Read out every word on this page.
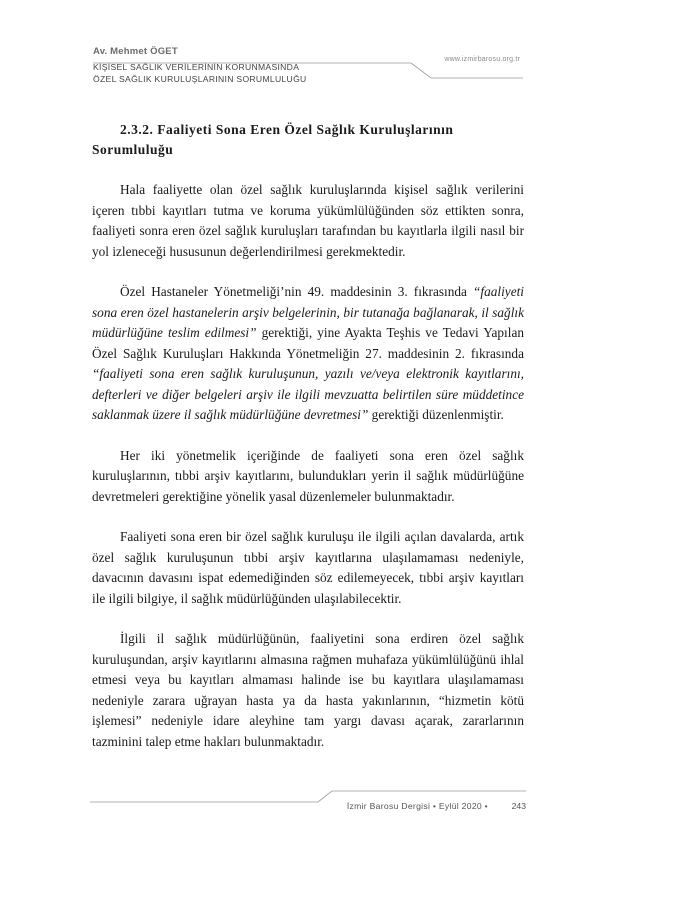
Av. Mehmet ÖGET
KİŞİSEL SAĞLIK VERİLERİNİN KORUNMASINDA
ÖZEL SAĞLIK KURULUŞLARININ SORUMLULUĞU
www.izmirbarosu.org.tr
2.3.2. Faaliyeti Sona Eren Özel Sağlık Kuruluşlarının Sorumluluğu

Hala faaliyette olan özel sağlık kuruluşlarında kişisel sağlık verilerini içeren tıbbi kayıtları tutma ve koruma yükümlülüğünden söz ettikten sonra, faaliyeti sonra eren özel sağlık kuruluşları tarafından bu kayıtlarla ilgili nasıl bir yol izleneceği hususunun değerlendirilmesi gerekmektedir.

Özel Hastaneler Yönetmeliği’nin 49. maddesinin 3. fıkrasında “faaliyeti sona eren özel hastanelerin arşiv belgelerinin, bir tutanağa bağlanarak, il sağlık müdürlüğüne teslim edilmesi” gerektiği, yine Ayakta Teşhis ve Tedavi Yapılan Özel Sağlık Kuruluşları Hakkında Yönetmeliğin 27. maddesinin 2. fıkrasında “faaliyeti sona eren sağlık kuruluşunun, yazılı ve/veya elektronik kayıtlarını, defterleri ve diğer belgeleri arşiv ile ilgili mevzuatta belirtilen süre müddetince saklanmak üzere il sağlık müdürlüğüne devretmesi” gerektiği düzenlenmiştir.

Her iki yönetmelik içeriğinde de faaliyeti sona eren özel sağlık kuruluşlarının, tıbbi arşiv kayıtlarını, bulundukları yerin il sağlık müdürlüğüne devretmeleri gerektiğine yönelik yasal düzenlemeler bulunmaktadır.

Faaliyeti sona eren bir özel sağlık kuruluşu ile ilgili açılan davalarda, artık özel sağlık kuruluşunun tıbbi arşiv kayıtlarına ulaşılamaması nedeniyle, davacının davasını ispat edemediğinden söz edilemeyecek, tıbbi arşiv kayıtları ile ilgili bilgiye, il sağlık müdürlüğünden ulaşılabilecektir.

İlgili il sağlık müdürlüğünün, faaliyetini sona erdiren özel sağlık kuruluşundan, arşiv kayıtlarını almasına rağmen muhafaza yükümlülüğünü ihlal etmesi veya bu kayıtları almaması halinde ise bu kayıtlara ulaşılamaması nedeniyle zarara uğrayan hasta ya da hasta yakınlarının, “hizmetin kötü işlemesi” nedeniyle idare aleyhine tam yargı davası açarak, zararlarının tazminini talep etme hakları bulunmaktadır.

İzmir Barosu Dergisi • Eylül 2020 •	243
